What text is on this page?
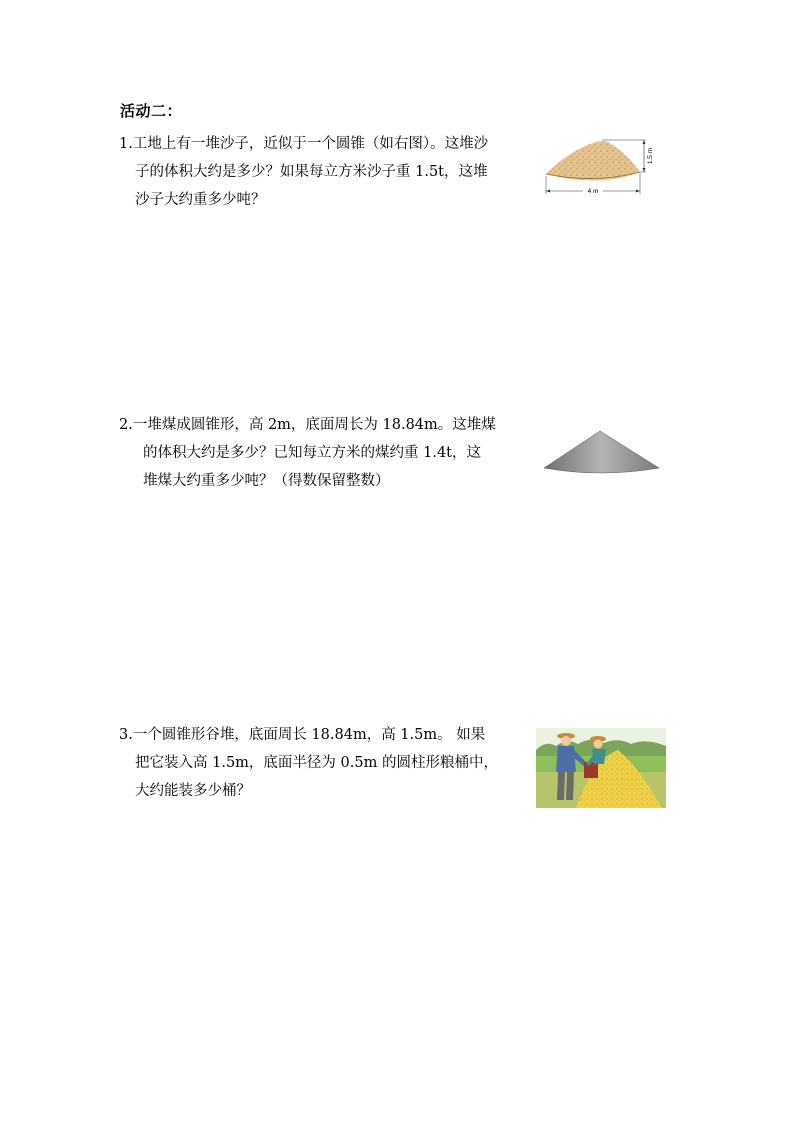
活动二：
1.工地上有一堆沙子，近似于一个圆锥（如右图）。这堆沙
子的体积大约是多少？如果每立方米沙子重 1.5t，这堆
沙子大约重多少吨？
1.5 m
4 m
2.一堆煤成圆锥形，高 2m，底面周长为 18.84m。这堆煤
的体积大约是多少？已知每立方米的煤约重 1.4t，这
堆煤大约重多少吨？（得数保留整数）
3.一个圆锥形谷堆，底面周长 18.84m，高 1.5m。 如果
把它装入高 1.5m，底面半径为 0.5m 的圆柱形粮桶中，
大约能装多少桶？
